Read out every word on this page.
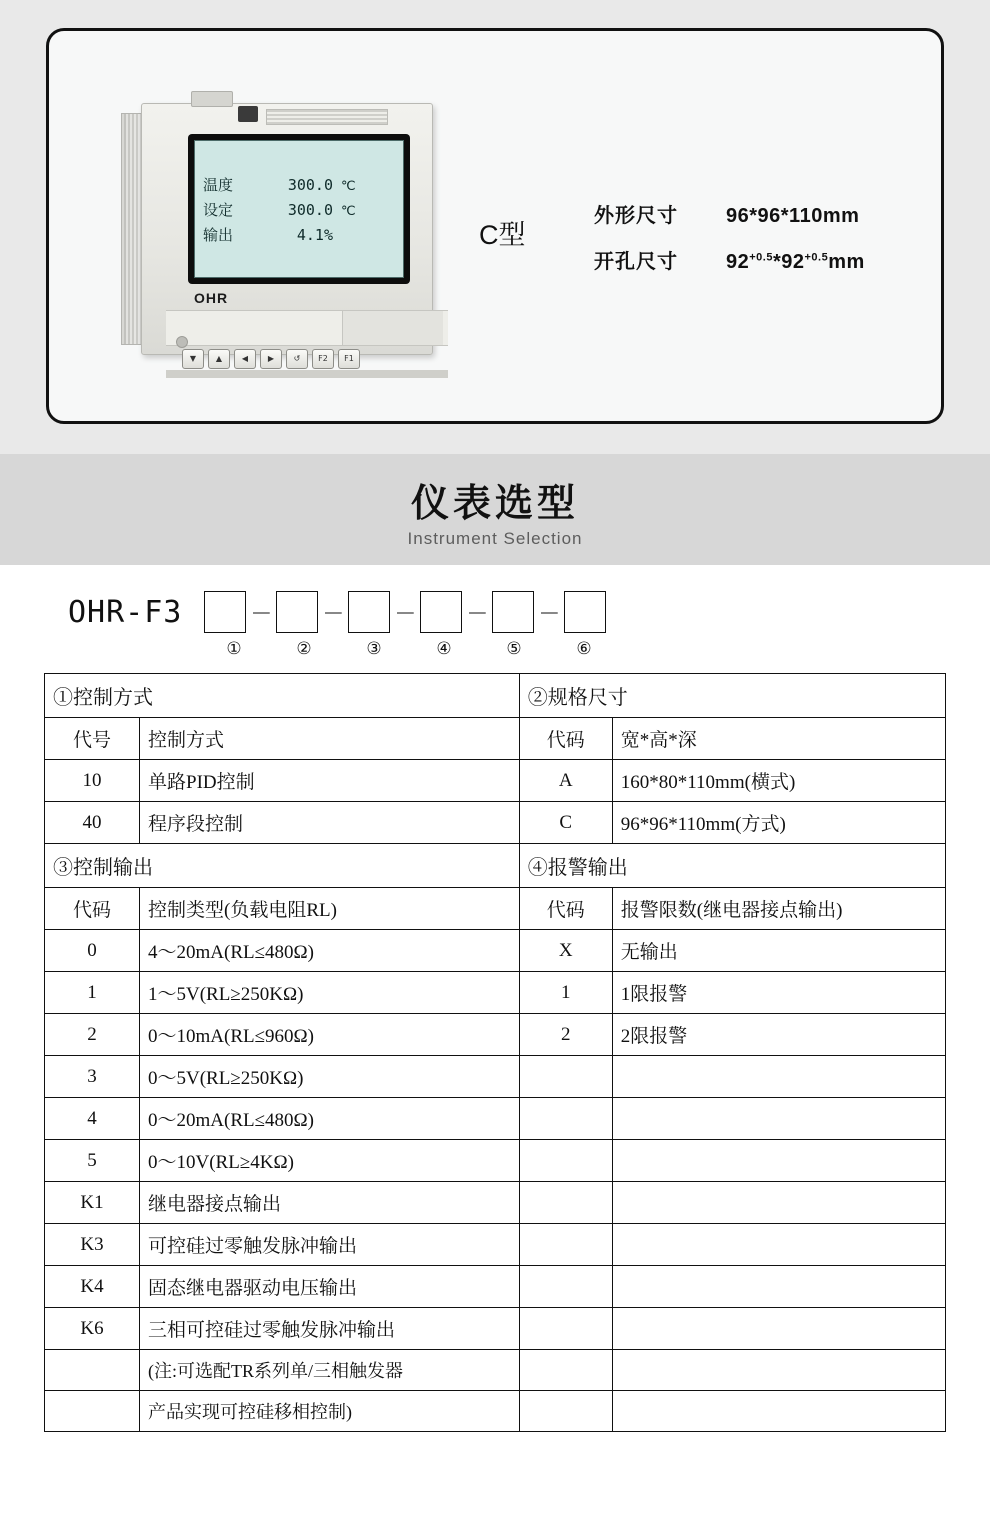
温度	300.0 ℃
设定	300.0 ℃
输出	4.1%
OHR
▼	▲	◀	▶	↺	F2	F1
C型
外形尺寸	96*96*110mm
开孔尺寸	$92^{+0.5}*92^{+0.5}mm$
仪表选型
Instrument Selection
OHR-F3	－ － － － －
①	②	③	④	⑤	⑥
①控制方式		②规格尺寸	
代号	控制方式	代码	宽*高*深
10	单路PID控制	A	160*80*110mm(横式)
40	程序段控制	C	96*96*110mm(方式)
③控制输出		④报警输出	
代码	控制类型(负载电阻RL)	代码	报警限数(继电器接点输出)
0	4～20mA(RL≤480Ω)	X	无输出
1	1～5V(RL≥250KΩ)	1	1限报警
2	0～10mA(RL≤960Ω)	2	2限报警
3	0～5V(RL≥250KΩ)		
4	0～20mA(RL≤480Ω)		
5	0～10V(RL≥4KΩ)		
K1	继电器接点输出		
K3	可控硅过零触发脉冲输出		
K4	固态继电器驱动电压输出		
K6	三相可控硅过零触发脉冲输出		
	(注:可选配TR系列单/三相触发器		
	产品实现可控硅移相控制)		
